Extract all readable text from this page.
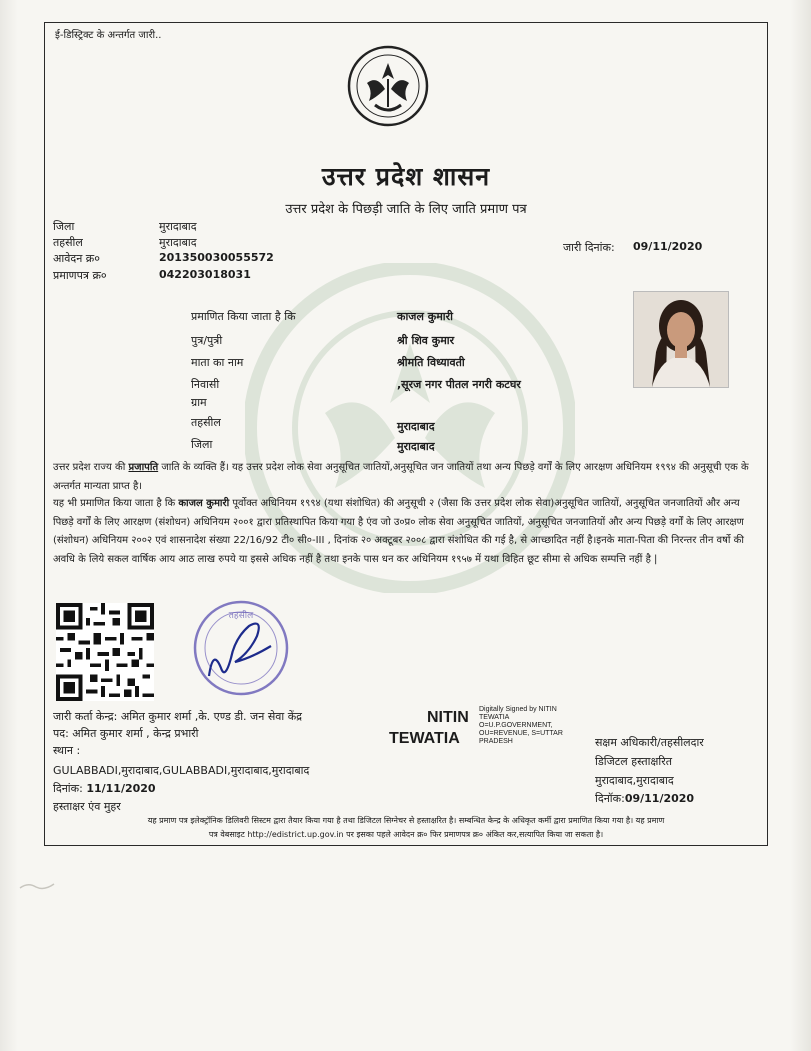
ई-डिस्ट्रिक्ट के अन्तर्गत जारी..
उत्तर प्रदेश शासन
उत्तर प्रदेश के पिछड़ी जाति के लिए जाति प्रमाण पत्र
जिला	मुरादाबाद
तहसील	मुरादाबाद
आवेदन क्र०	201350030055572
प्रमाणपत्र क्र०	042203018031
जारी दिनांक: 09/11/2020
प्रमाणित किया जाता है कि	काजल कुमारी
पुत्र/पुत्री	श्री शिव कुमार
माता का नाम	श्रीमति विध्यावती
निवासी	,सूरज नगर पीतल नगरी कटघर
ग्राम
तहसील	मुरादाबाद
जिला	मुरादाबाद
उत्तर प्रदेश राज्य की प्रजापति जाति के व्यक्ति हैं। यह उत्तर प्रदेश लोक सेवा अनुसूचित जातियों,अनुसूचित जन जातियों तथा अन्य पिछड़े वर्गों के लिए आरक्षण अधिनियम १९९४ की अनुसूची एक के अन्तर्गत मान्यता प्राप्त है।
यह भी प्रमाणित किया जाता है कि काजल कुमारी पूर्वोक्त अधिनियम १९९४ (यथा संशोधित) की अनुसूची २ (जैसा कि उत्तर प्रदेश लोक सेवा)अनुसूचित जातियों, अनुसूचित जनजातियों और अन्य पिछड़े वर्गों के लिए आरक्षण (संशोधन) अधिनियम २००१ द्वारा प्रतिस्थापित किया गया है एंव जो उ०प्र० लोक सेवा अनुसूचित जातियों, अनुसूचित जनजातियों और अन्य पिछड़े वर्गों के लिए आरक्षण (संशोधन) अधिनियम २००२ एवं शासनादेश संख्या 22/16/92 टी० सी०-III , दिनांक २० अक्टूबर २००८ द्वारा संशोधित की गई है, से आच्छादित नहीं है।इनके माता-पिता की निरन्तर तीन वर्षो की अवधि के लिये सकल वार्षिक आय आठ लाख रुपये या इससे अधिक नहीं है तथा इनके पास धन कर अधिनियम १९५७ में यथा विहित छूट सीमा से अधिक सम्पत्ति नहीं है |
तहसील
जारी कर्ता केन्द्र: अमित कुमार शर्मा ,के. एण्ड डी. जन सेवा केंद्र
पद: अमित कुमार शर्मा , केन्द्र प्रभारी
स्थान :
GULABBADI,मुरादाबाद,GULABBADI,मुरादाबाद,मुरादाबाद
दिनांक: 11/11/2020
हस्ताक्षर एंव मुहर
NITIN
TEWATIA
Digitally Signed by NITIN
TEWATIA
O=U.P.GOVERNMENT,
OU=REVENUE, S=UTTAR
PRADESH	सक्षम अधिकारी/तहसीलदार
डिजिटल हस्ताक्षरित
मुरादाबाद,मुरादाबाद
दिनॉक:09/11/2020
यह प्रमाण पत्र इलेक्ट्रॉनिक डिलिवरी सिस्टम द्वारा तैयार किया गया है तथा डिजिटल सिग्नेचर से हस्ताक्षरित है। सम्बन्धित केन्द्र के अधिकृत कर्मी द्वारा प्रमाणित किया गया है। यह प्रमाण
पत्र वेबसाइट http://edistrict.up.gov.in पर इसका पहले आवेदन क्र० फिर प्रमाणपत्र क्र० अंकित कर,सत्यापित किया जा सकता है।
